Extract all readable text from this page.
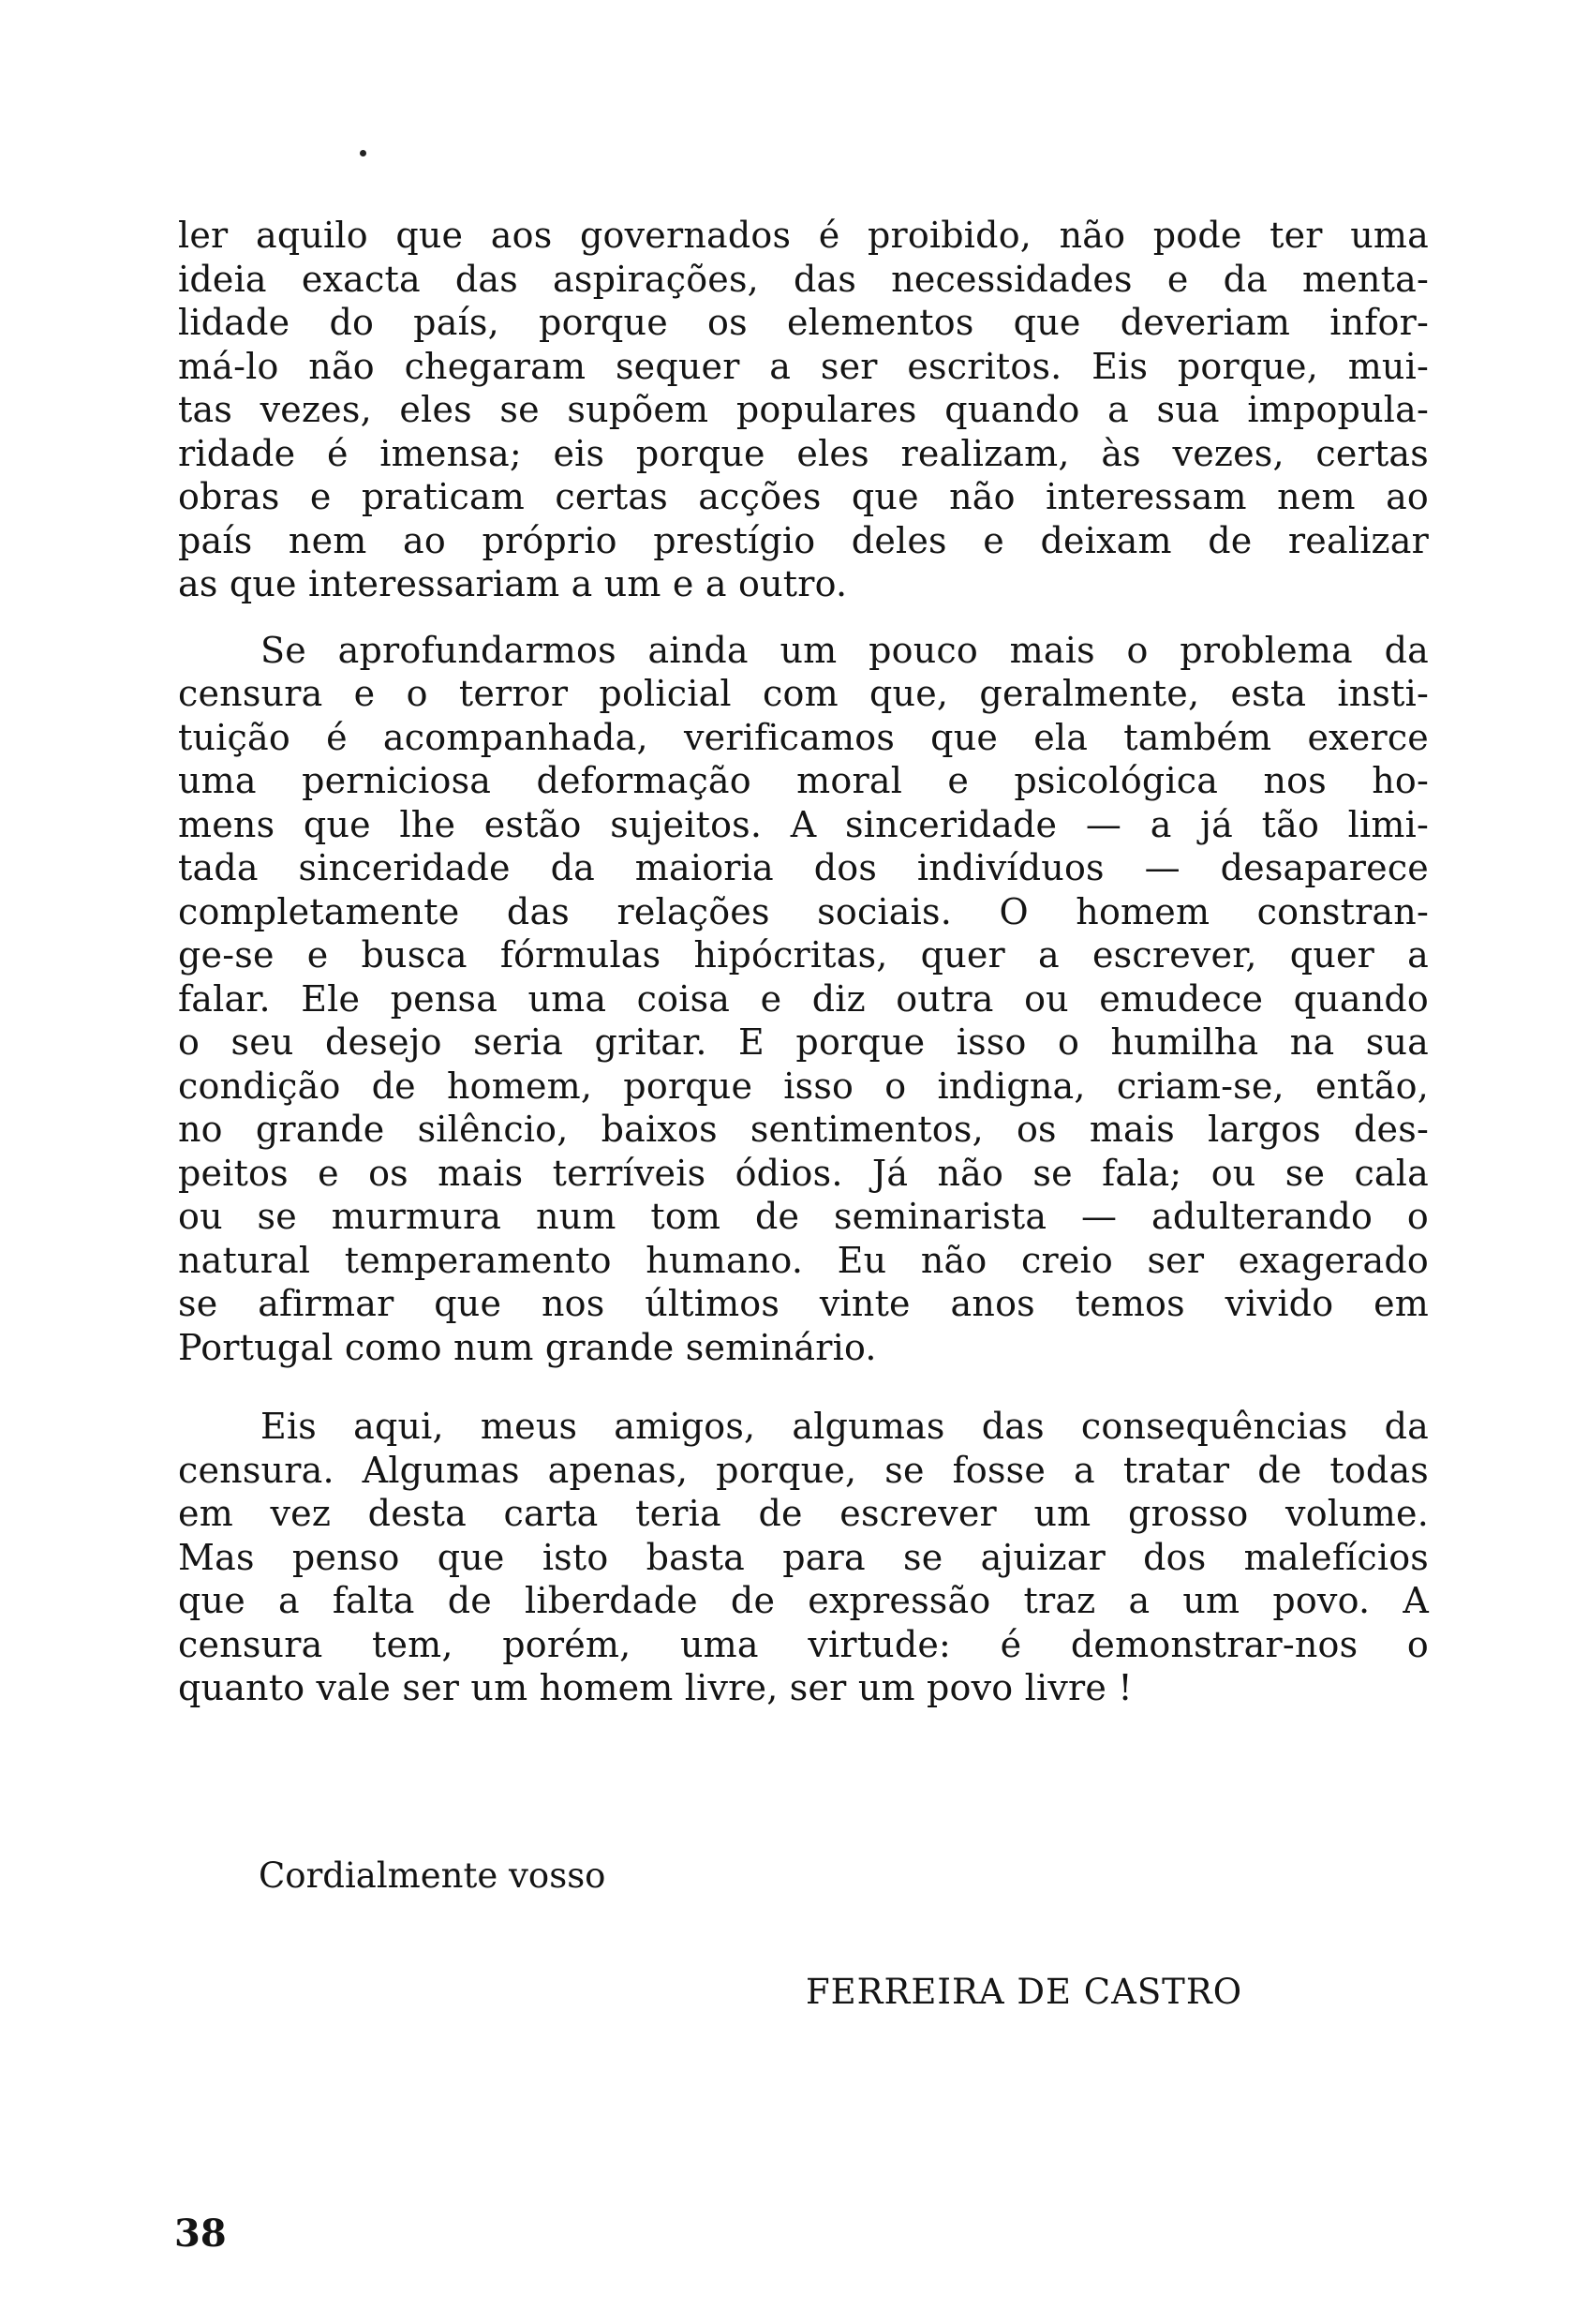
ler aquilo que aos governados é proibido, não pode ter uma
ideia exacta das aspirações, das necessidades e da menta-
lidade do país, porque os elementos que deveriam infor-
má-lo não chegaram sequer a ser escritos. Eis porque, mui-
tas vezes, eles se supõem populares quando a sua impopula-
ridade é imensa; eis porque eles realizam, às vezes, certas
obras e praticam certas acções que não interessam nem ao
país nem ao próprio prestígio deles e deixam de realizar
as que interessariam a um e a outro.
Se aprofundarmos ainda um pouco mais o problema da
censura e o terror policial com que, geralmente, esta insti-
tuição é acompanhada, verificamos que ela também exerce
uma perniciosa deformação moral e psicológica nos ho-
mens que lhe estão sujeitos. A sinceridade — a já tão limi-
tada sinceridade da maioria dos indivíduos — desaparece
completamente das relações sociais. O homem constran-
ge-se e busca fórmulas hipócritas, quer a escrever, quer a
falar. Ele pensa uma coisa e diz outra ou emudece quando
o seu desejo seria gritar. E porque isso o humilha na sua
condição de homem, porque isso o indigna, criam-se, então,
no grande silêncio, baixos sentimentos, os mais largos des-
peitos e os mais terríveis ódios. Já não se fala; ou se cala
ou se murmura num tom de seminarista — adulterando o
natural temperamento humano. Eu não creio ser exagerado
se afirmar que nos últimos vinte anos temos vivido em
Portugal como num grande seminário.
Eis aqui, meus amigos, algumas das consequências da
censura. Algumas apenas, porque, se fosse a tratar de todas
em vez desta carta teria de escrever um grosso volume.
Mas penso que isto basta para se ajuizar dos malefícios
que a falta de liberdade de expressão traz a um povo. A
censura tem, porém, uma virtude: é demonstrar-nos o
quanto vale ser um homem livre, ser um povo livre !
Cordialmente vosso
FERREIRA DE CASTRO
38
